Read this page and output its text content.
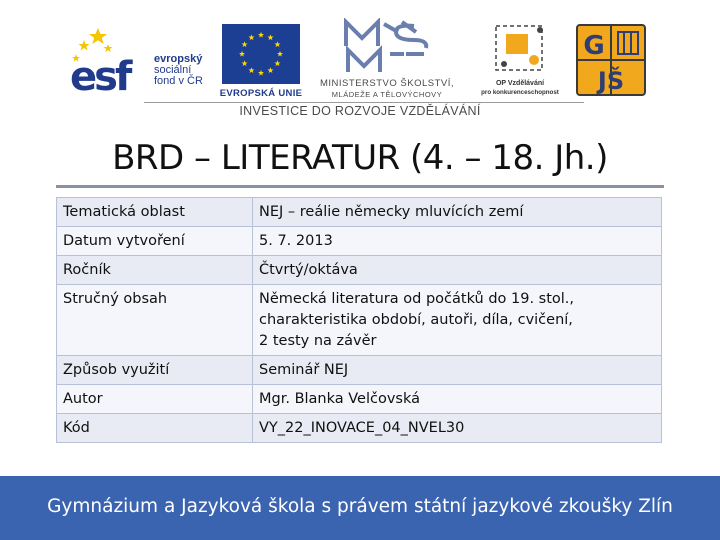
esf	evropský
sociální
fond v ČR
EVROPSKÁ UNIE
MINISTERSTVO ŠKOLSTVÍ,
MLÁDEŽE A TĚLOVÝCHOVY
OP Vzdělávání
pro konkurenceschopnost
G
JŠ
INVESTICE DO ROZVOJE VZDĚLÁVÁNÍ
BRD – LITERATUR (4. – 18. Jh.)
Tematická oblast	NEJ – reálie německy mluvících zemí
Datum vytvoření	5. 7. 2013
Ročník	Čtvrtý/oktáva
Stručný obsah	Německá literatura od počátků do 19. stol.,
charakteristika období, autoři, díla, cvičení,
2 testy na závěr

Způsob využití	Seminář NEJ
Autor	Mgr. Blanka Velčovská
Kód	VY_22_INOVACE_04_NVEL30
Gymnázium a Jazyková škola s právem státní jazykové zkoušky Zlín
